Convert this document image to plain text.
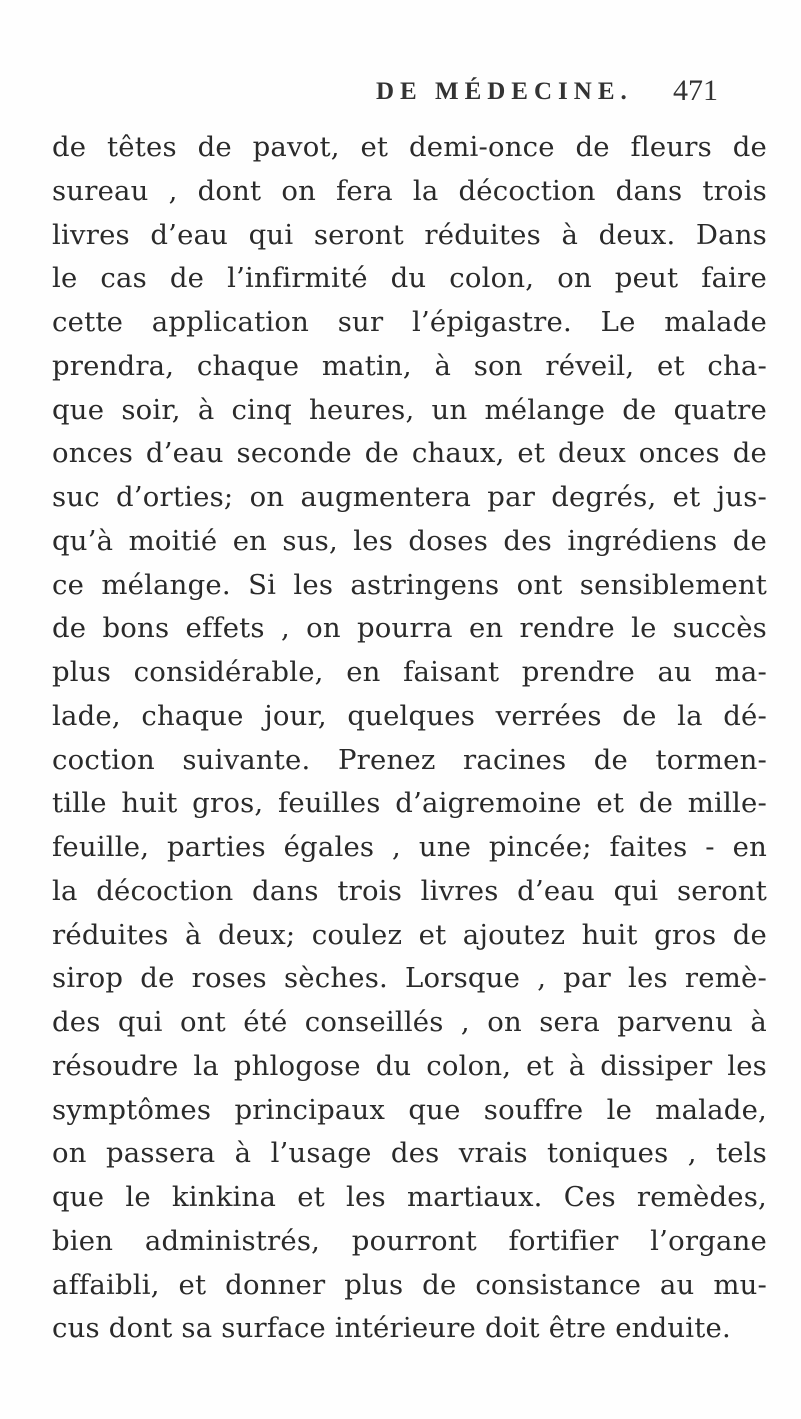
DE MÉDECINE. 471
de têtes de pavot, et demi-once de fleurs de
sureau , dont on fera la décoction dans trois
livres d’eau qui seront réduites à deux. Dans
le cas de l’infirmité du colon, on peut faire
cette application sur l’épigastre. Le malade
prendra, chaque matin, à son réveil, et cha-
que soir, à cinq heures, un mélange de quatre
onces d’eau seconde de chaux, et deux onces de
suc d’orties; on augmentera par degrés, et jus-
qu’à moitié en sus, les doses des ingrédiens de
ce mélange. Si les astringens ont sensiblement
de bons effets , on pourra en rendre le succès
plus considérable, en faisant prendre au ma-
lade, chaque jour, quelques verrées de la dé-
coction suivante. Prenez racines de tormen-
tille huit gros, feuilles d’aigremoine et de mille-
feuille, parties égales , une pincée; faites - en
la décoction dans trois livres d’eau qui seront
réduites à deux; coulez et ajoutez huit gros de
sirop de roses sèches. Lorsque , par les remè-
des qui ont été conseillés , on sera parvenu à
résoudre la phlogose du colon, et à dissiper les
symptômes principaux que souffre le malade,
on passera à l’usage des vrais toniques , tels
que le kinkina et les martiaux. Ces remèdes,
bien administrés, pourront fortifier l’organe
affaibli, et donner plus de consistance au mu-
cus dont sa surface intérieure doit être enduite.
